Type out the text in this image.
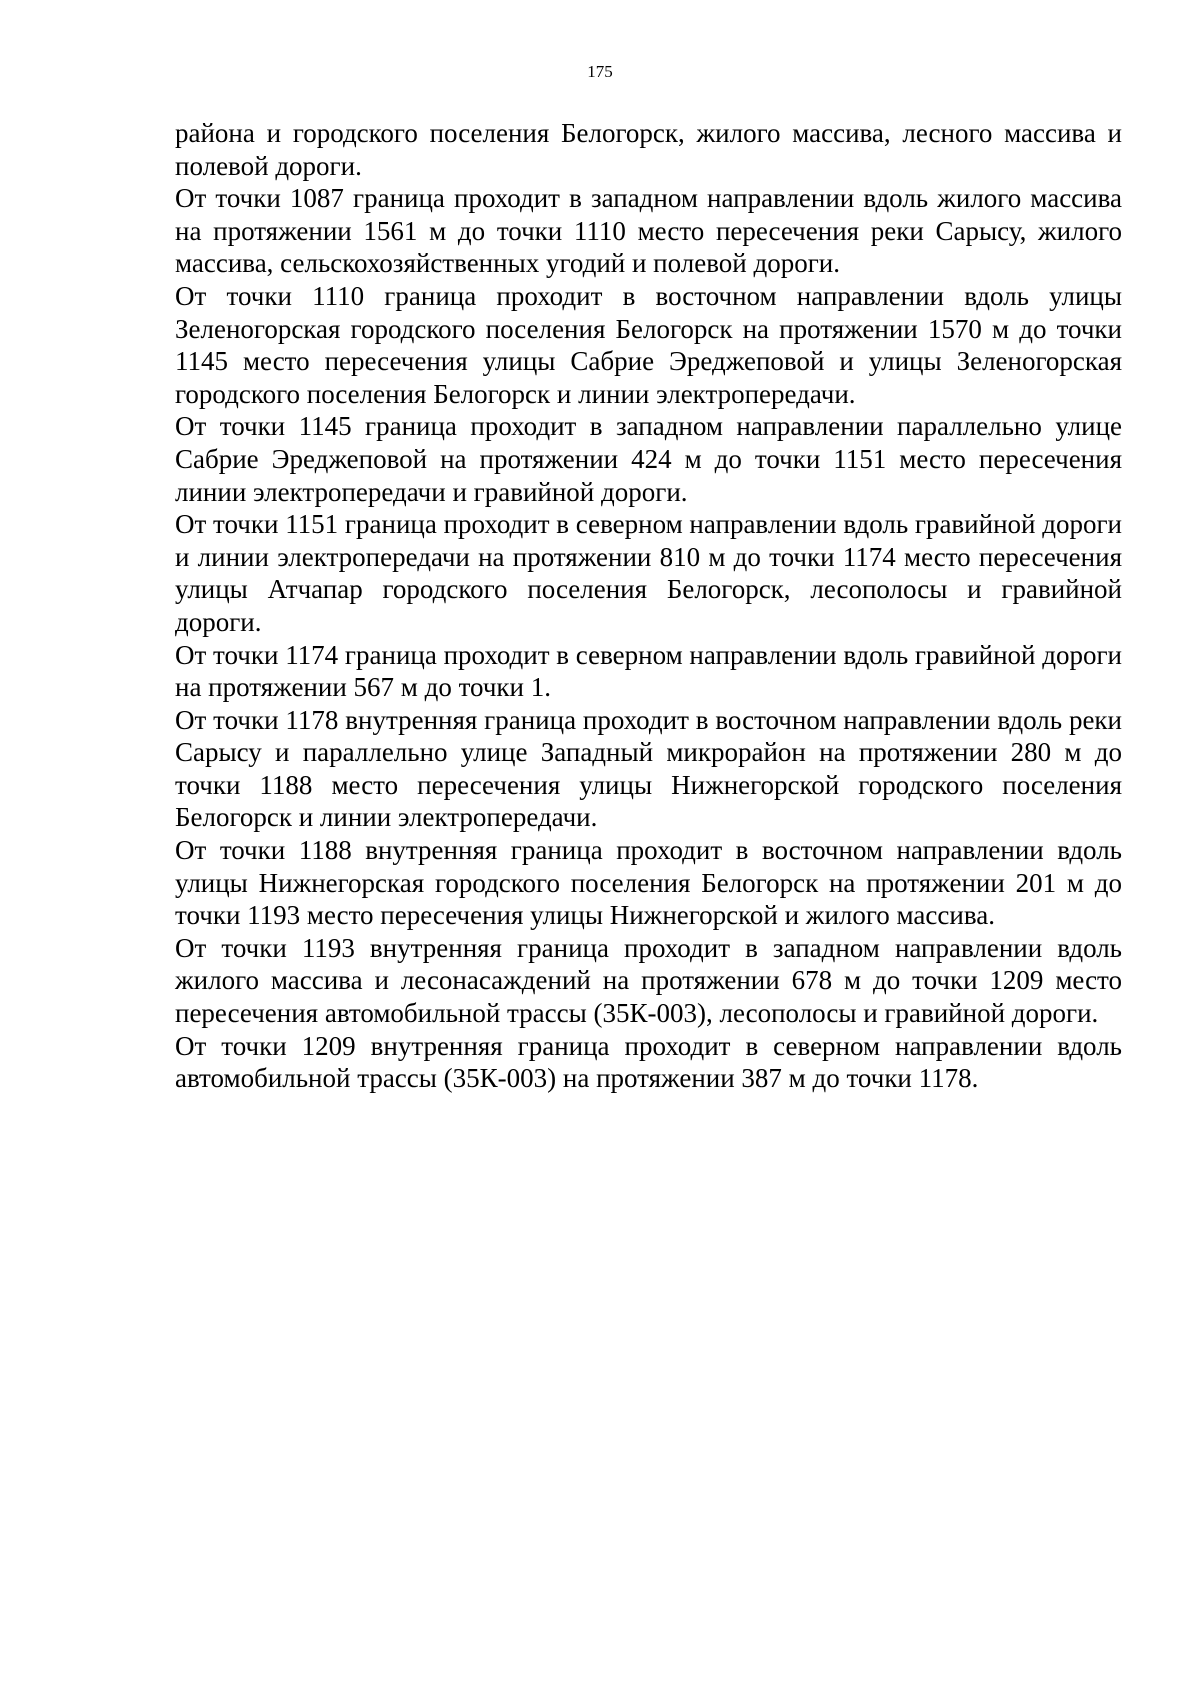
175

района и городского поселения Белогорск, жилого массива, лесного массива и полевой дороги.

От точки 1087 граница проходит в западном направлении вдоль жилого массива на протяжении 1561 м до точки 1110 место пересечения реки Сарысу, жилого массива, сельскохозяйственных угодий и полевой дороги.

От точки 1110 граница проходит в восточном направлении вдоль улицы Зеленогорская городского поселения Белогорск на протяжении 1570 м до точки 1145 место пересечения улицы Сабрие Эреджеповой и улицы Зеленогорская городского поселения Белогорск и линии электропередачи.

От точки 1145 граница проходит в западном направлении параллельно улице Сабрие Эреджеповой на протяжении 424 м до точки 1151 место пересечения линии электропередачи и гравийной дороги.

От точки 1151 граница проходит в северном направлении вдоль гравийной дороги и линии электропередачи на протяжении 810 м до точки 1174 место пересечения улицы Атчапар городского поселения Белогорск, лесополосы и гравийной дороги.

От точки 1174 граница проходит в северном направлении вдоль гравийной дороги на протяжении 567 м до точки 1.

От точки 1178 внутренняя граница проходит в восточном направлении вдоль реки Сарысу и параллельно улице Западный микрорайон на протяжении 280 м до точки 1188 место пересечения улицы Нижнегорской городского поселения Белогорск и линии электропередачи.

От точки 1188 внутренняя граница проходит в восточном направлении вдоль улицы Нижнегорская городского поселения Белогорск на протяжении 201 м до точки 1193 место пересечения улицы Нижнегорской и жилого массива.

От точки 1193 внутренняя граница проходит в западном направлении вдоль жилого массива и лесонасаждений на протяжении 678 м до точки 1209 место пересечения автомобильной трассы (35К-003), лесополосы и гравийной дороги.

От точки 1209 внутренняя граница проходит в северном направлении вдоль автомобильной трассы (35К-003) на протяжении 387 м до точки 1178.
